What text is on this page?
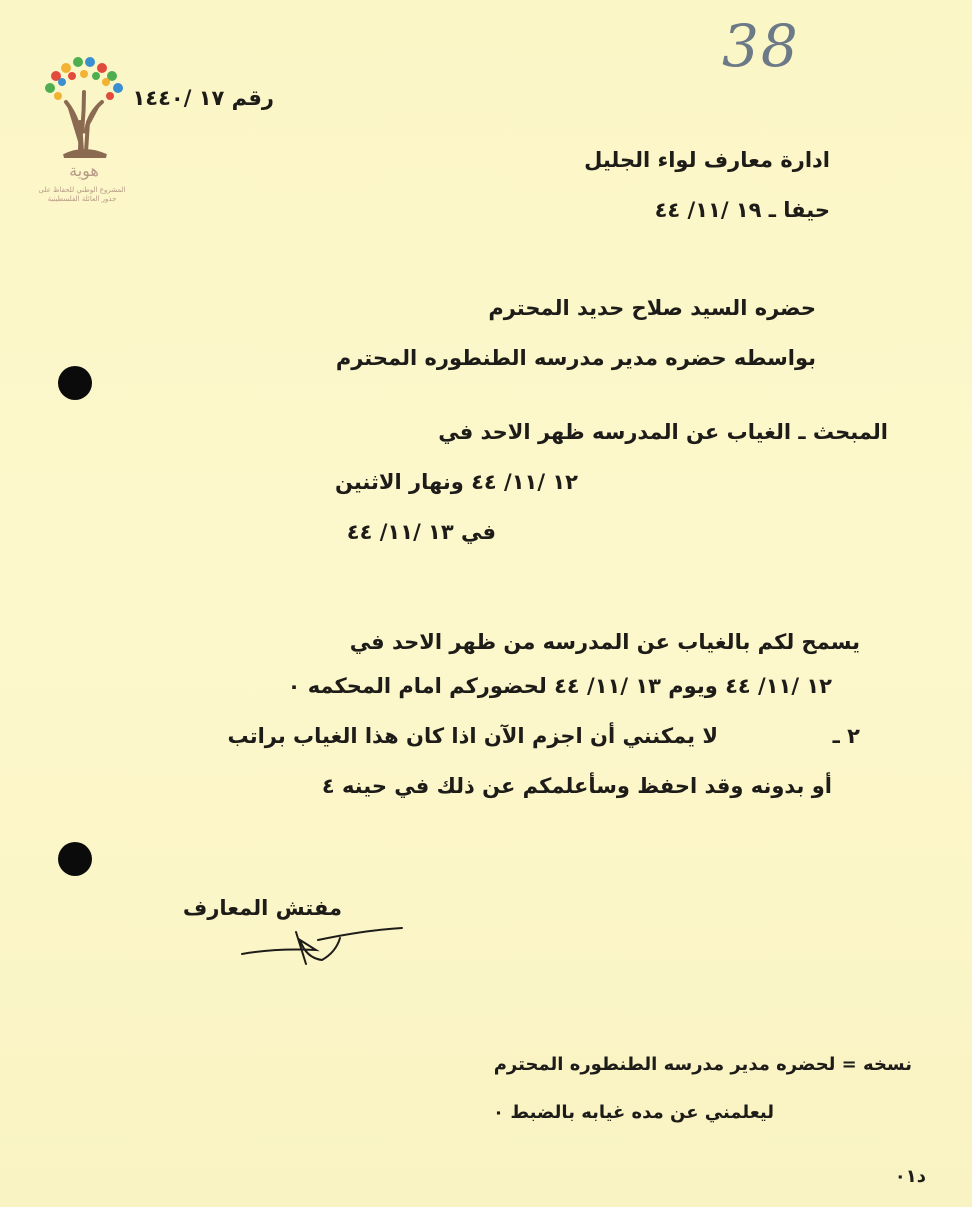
هوية
المشروع الوطني للحفاظ على جذور العائلة الفلسطينية
38
رقم ١٧ /١٤٤٠
ادارة معارف لواء الجليل
حيفا ـ ١٩ /١١/ ٤٤
حضره السيد صلاح حديد المحترم
بواسطه حضره مدير مدرسه الطنطوره المحترم
المبحث ـ الغياب عن المدرسه ظهر الاحد في
١٢ /١١/ ٤٤ ونهار الاثنين
في ١٣ /١١/ ٤٤
يسمح لكم بالغياب عن المدرسه من ظهر الاحد في
١٢ /١١/ ٤٤ ويوم ١٣ /١١/ ٤٤ لحضوركم امام المحكمه ٠
٢ ـ
لا يمكنني أن اجزم الآن اذا كان هذا الغياب براتب
أو بدونه وقد احفظ وسأعلمكم عن ذلك في حينه ٤
مفتش المعارف
نسخه = لحضره مدير مدرسه الطنطوره المحترم
ليعلمني عن مده غيابه بالضبط ٠
د٠١
